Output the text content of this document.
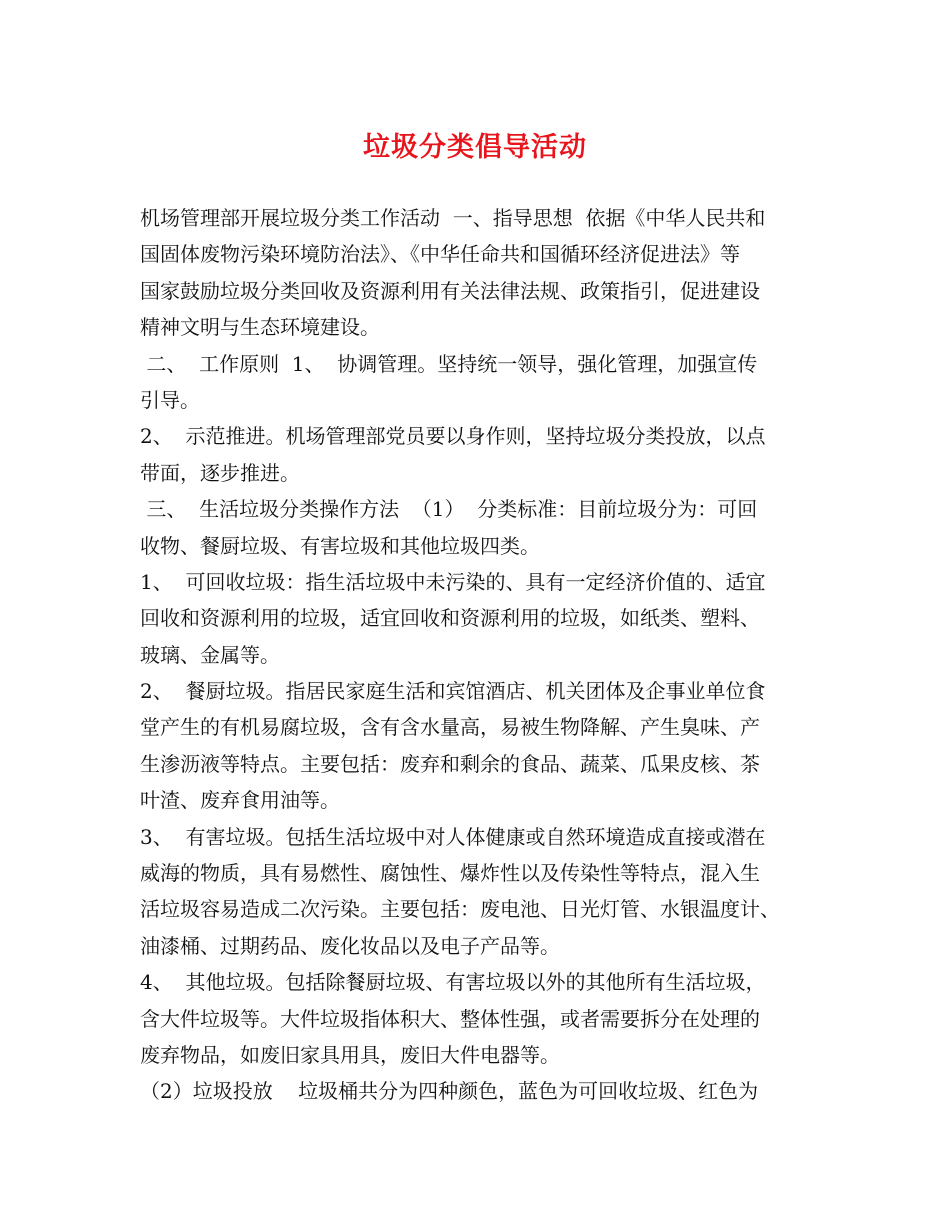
垃圾分类倡导活动
机场管理部开展垃圾分类工作活动  一、指导思想  依据《中华人民共和
国固体废物污染环境防治法》、《中华任命共和国循环经济促进法》等
国家鼓励垃圾分类回收及资源利用有关法律法规、政策指引，促进建设
精神文明与生态环境建设。
二、  工作原则  1、  协调管理。坚持统一领导，强化管理，加强宣传
引导。
2、  示范推进。机场管理部党员要以身作则，坚持垃圾分类投放，以点
带面，逐步推进。
三、  生活垃圾分类操作方法  （1）  分类标准：目前垃圾分为：可回
收物、餐厨垃圾、有害垃圾和其他垃圾四类。
1、  可回收垃圾：指生活垃圾中未污染的、具有一定经济价值的、适宜
回收和资源利用的垃圾，适宜回收和资源利用的垃圾，如纸类、塑料、
玻璃、金属等。
2、  餐厨垃圾。指居民家庭生活和宾馆酒店、机关团体及企事业单位食
堂产生的有机易腐垃圾，含有含水量高，易被生物降解、产生臭味、产
生渗沥液等特点。主要包括：废弃和剩余的食品、蔬菜、瓜果皮核、茶
叶渣、废弃食用油等。
3、  有害垃圾。包括生活垃圾中对人体健康或自然环境造成直接或潜在
威海的物质，具有易燃性、腐蚀性、爆炸性以及传染性等特点，混入生
活垃圾容易造成二次污染。主要包括：废电池、日光灯管、水银温度计、
油漆桶、过期药品、废化妆品以及电子产品等。
4、  其他垃圾。包括除餐厨垃圾、有害垃圾以外的其他所有生活垃圾，
含大件垃圾等。大件垃圾指体积大、整体性强，或者需要拆分在处理的
废弃物品，如废旧家具用具，废旧大件电器等。
（2）垃圾投放    垃圾桶共分为四种颜色，蓝色为可回收垃圾、红色为
